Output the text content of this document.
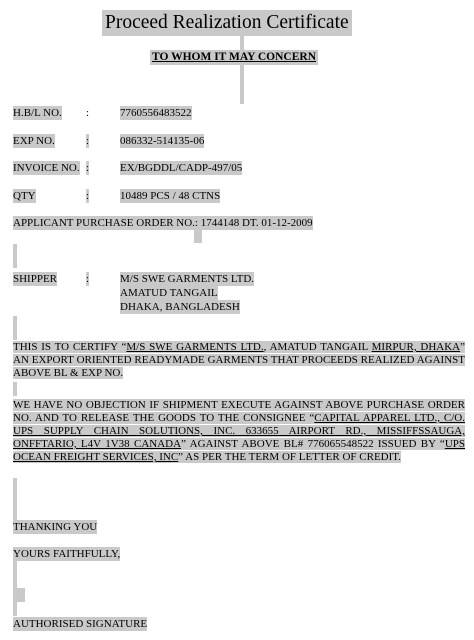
Proceed Realization Certificate
TO WHOM IT MAY CONCERN
H.B/L NO. :	7760556483522
EXP NO.	:	086332-514135-06
INVOICE NO. :	EX/BGDDL/CADP-497/05
QTY	:	10489 PCS / 48 CTNS
APPLICANT PURCHASE ORDER NO.: 1744148 DT. 01-12-2009
SHIPPER	:	M/S SWE GARMENTS LTD.
AMATUD TANGAIL
DHAKA, BANGLADESH
THIS IS TO CERTIFY “M/S SWE GARMENTS LTD., AMATUD TANGAIL MIRPUR, DHAKA” AN EXPORT ORIENTED READYMADE GARMENTS THAT PROCEEDS REALIZED AGAINST ABOVE BL & EXP NO.
WE HAVE NO OBJECTION IF SHIPMENT EXECUTE AGAINST ABOVE PURCHASE ORDER NO. AND TO RELEASE THE GOODS TO THE CONSIGNEE “CAPITAL APPAREL LTD., C/O. UPS SUPPLY CHAIN SOLUTIONS, INC. 633655 AIRPORT RD., MISSIFFSSAUGA, ONFFTARIO, L4V 1V38 CANADA” AGAINST ABOVE BL# 776065548522 ISSUED BY “UPS OCEAN FREIGHT SERVICES, INC” AS PER THE TERM OF LETTER OF CREDIT.
THANKING YOU
YOURS FAITHFULLY,
AUTHORISED SIGNATURE
